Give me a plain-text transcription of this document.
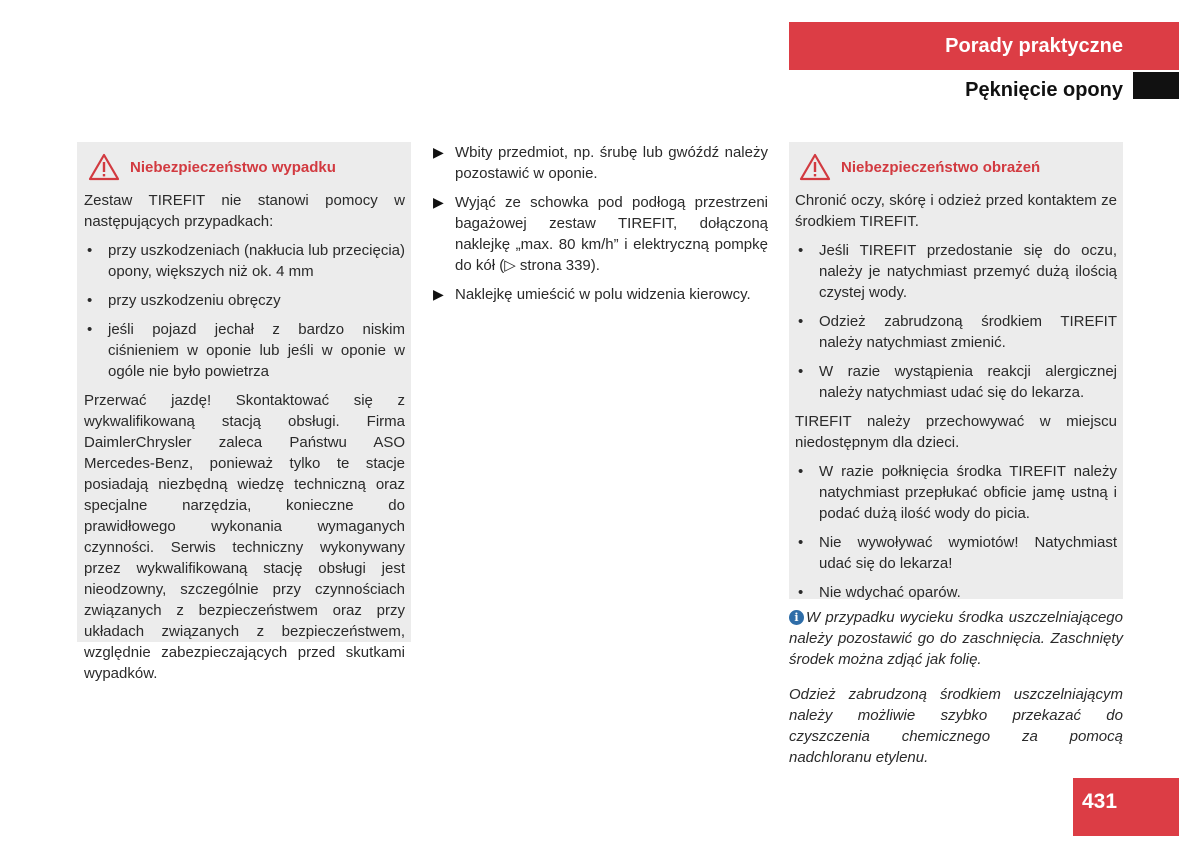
Porady praktyczne
Pęknięcie opony
Niebezpieczeństwo wypadku

Zestaw TIREFIT nie stanowi pomocy w następujących przypadkach:

•	przy uszkodzeniach (nakłucia lub przecięcia) opony, większych niż ok. 4 mm
•	przy uszkodzeniu obręczy
•	jeśli pojazd jechał z bardzo niskim ciśnieniem w oponie lub jeśli w oponie w ogóle nie było powietrza

Przerwać jazdę! Skontaktować się z wykwalifikowaną stacją obsługi. Firma DaimlerChrysler zaleca Państwu ASO Mercedes-Benz, ponieważ tylko te stacje posiadają niezbędną wiedzę techniczną oraz specjalne narzędzia, konieczne do prawidłowego wykonania wymaganych czynności. Serwis techniczny wykonywany przez wykwalifikowaną stację obsługi jest nieodzowny, szczególnie przy czynnościach związanych z bezpieczeństwem oraz przy układach związanych z bezpieczeństwem, względnie zabezpieczających przed skutkami wypadków.

▶ Wbity przedmiot, np. śrubę lub gwóźdź należy pozostawić w oponie.
▶ Wyjąć ze schowka pod podłogą przestrzeni bagażowej zestaw TIREFIT, dołączoną naklejkę „max. 80 km/h” i elektryczną pompkę do kół (▷ strona 339).
▶ Naklejkę umieścić w polu widzenia kierowcy.
Niebezpieczeństwo obrażeń

Chronić oczy, skórę i odzież przed kontaktem ze środkiem TIREFIT.

•	Jeśli TIREFIT przedostanie się do oczu, należy je natychmiast przemyć dużą ilością czystej wody.
•	Odzież zabrudzoną środkiem TIREFIT należy natychmiast zmienić.
•	W razie wystąpienia reakcji alergicznej należy natychmiast udać się do lekarza.

TIREFIT należy przechowywać w miejscu niedostępnym dla dzieci.

•	W razie połknięcia środka TIREFIT należy natychmiast przepłukać obficie jamę ustną i podać dużą ilość wody do picia.
•	Nie wywoływać wymiotów! Natychmiast udać się do lekarza!
•	Nie wdychać oparów.

i W przypadku wycieku środka uszczelniającego należy pozostawić go do zaschnięcia. Zaschnięty środek można zdjąć jak folię.

Odzież zabrudzoną środkiem uszczelniającym należy możliwie szybko przekazać do czyszczenia chemicznego za pomocą nadchloranu etylenu.

431
